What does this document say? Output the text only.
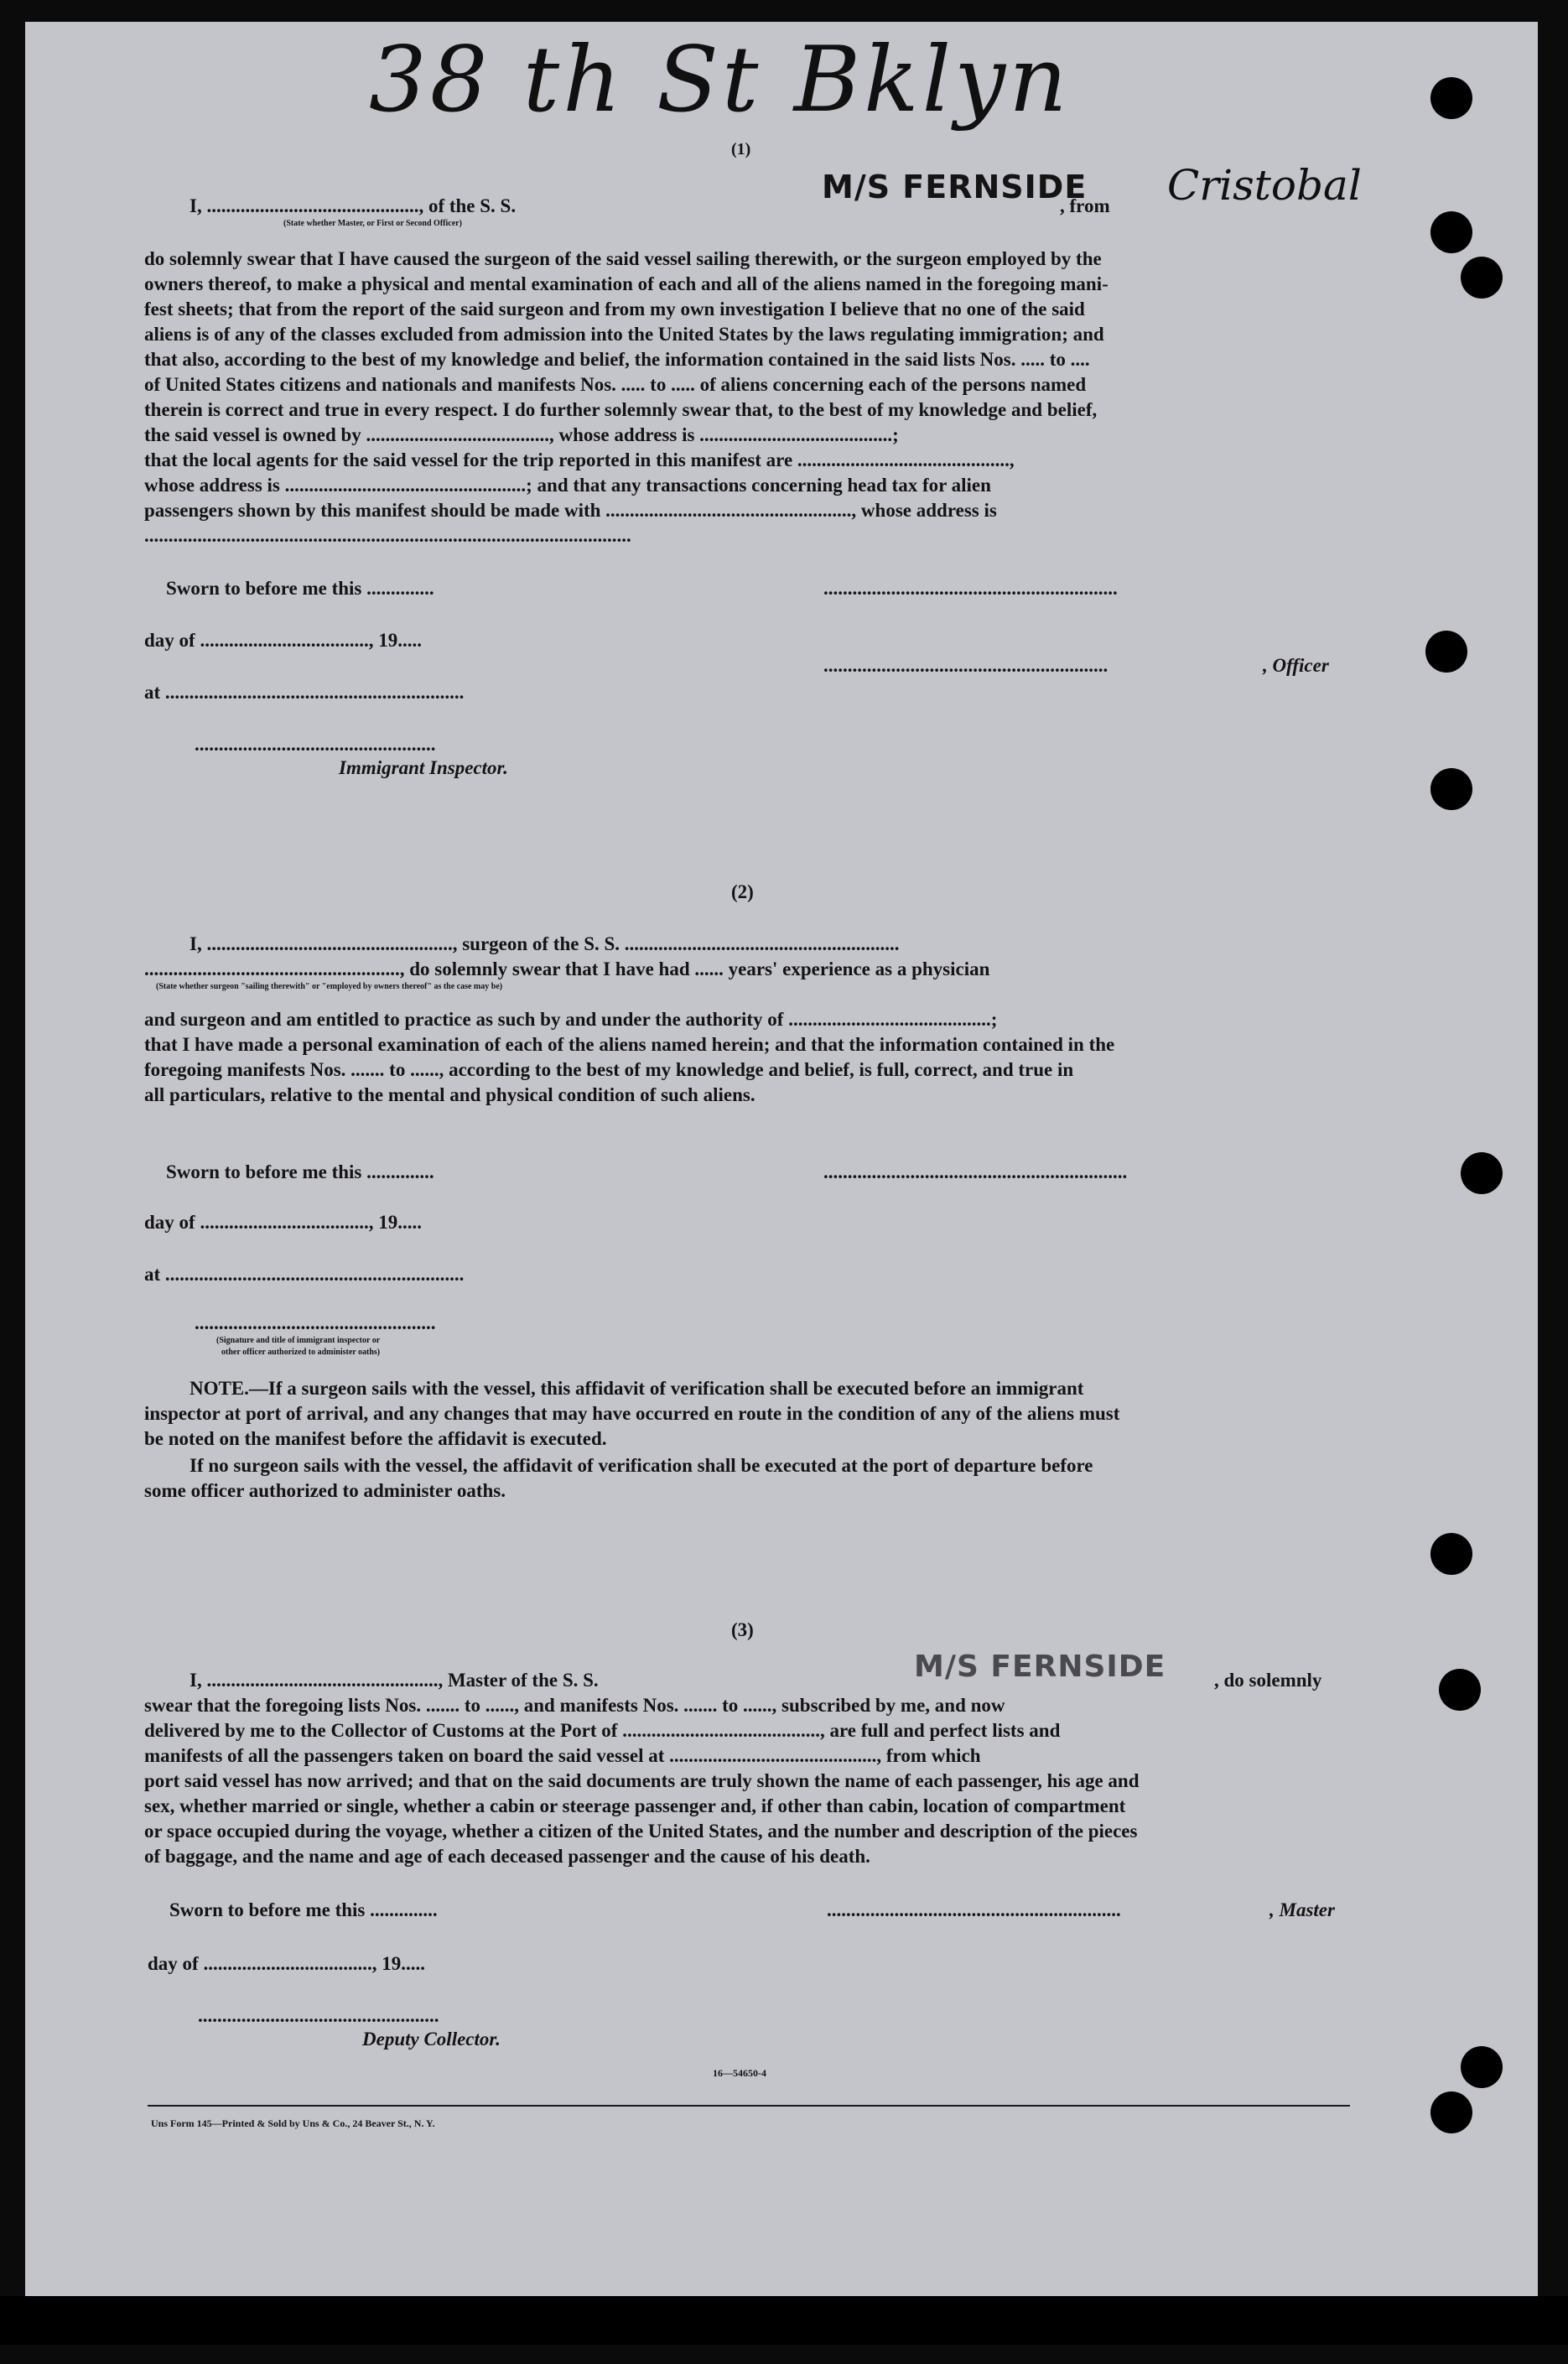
38 th St Bklyn
(1)
I, ............................................, of the S. S.
M/S FERNSIDE
, from Cristobal
(State whether Master, or First or Second Officer)
do solemnly swear that I have caused the surgeon of the said vessel sailing therewith, or the surgeon employed by the
owners thereof, to make a physical and mental examination of each and all of the aliens named in the foregoing mani-
fest sheets; that from the report of the said surgeon and from my own investigation I believe that no one of the said
aliens is of any of the classes excluded from admission into the United States by the laws regulating immigration; and
that also, according to the best of my knowledge and belief, the information contained in the said lists Nos. ..... to ....
of United States citizens and nationals and manifests Nos. ..... to ..... of aliens concerning each of the persons named
therein is correct and true in every respect. I do further solemnly swear that, to the best of my knowledge and belief,
the said vessel is owned by ......................................, whose address is ........................................;
that the local agents for the said vessel for the trip reported in this manifest are ............................................,
whose address is ..................................................; and that any transactions concerning head tax for alien
passengers shown by this manifest should be made with ..................................................., whose address is
.....................................................................................................
Sworn to before me this ..............	.............................................................
day of ..................................., 19.....
...........................................................	, Officer
at ..............................................................
..................................................
Immigrant Inspector.
(2)
I, ..................................................., surgeon of the S. S. .........................................................
....................................................., do solemnly swear that I have had ...... years' experience as a physician
(State whether surgeon "sailing therewith" or "employed by owners thereof" as the case may be)
and surgeon and am entitled to practice as such by and under the authority of ..........................................;
that I have made a personal examination of each of the aliens named herein; and that the information contained in the
foregoing manifests Nos. ....... to ......, according to the best of my knowledge and belief, is full, correct, and true in
all particulars, relative to the mental and physical condition of such aliens.
Sworn to before me this ..............	...............................................................
day of ..................................., 19.....
at ..............................................................
..................................................
(Signature and title of immigrant inspector or
other officer authorized to administer oaths)
NOTE.—If a surgeon sails with the vessel, this affidavit of verification shall be executed before an immigrant
inspector at port of arrival, and any changes that may have occurred en route in the condition of any of the aliens must
be noted on the manifest before the affidavit is executed.
If no surgeon sails with the vessel, the affidavit of verification shall be executed at the port of departure before
some officer authorized to administer oaths.
(3)
I, ................................................, Master of the S. S.	M/S FERNSIDE	, do solemnly
swear that the foregoing lists Nos. ....... to ......, and manifests Nos. ....... to ......, subscribed by me, and now
delivered by me to the Collector of Customs at the Port of ........................................., are full and perfect lists and
manifests of all the passengers taken on board the said vessel at ..........................................., from which
port said vessel has now arrived; and that on the said documents are truly shown the name of each passenger, his age and
sex, whether married or single, whether a cabin or steerage passenger and, if other than cabin, location of compartment
or space occupied during the voyage, whether a citizen of the United States, and the number and description of the pieces
of baggage, and the name and age of each deceased passenger and the cause of his death.
Sworn to before me this ..............	.............................................................	, Master
day of ..................................., 19.....
..................................................
Deputy Collector.
16—54650-4
Uns Form 145—Printed & Sold by Uns & Co., 24 Beaver St., N. Y.
